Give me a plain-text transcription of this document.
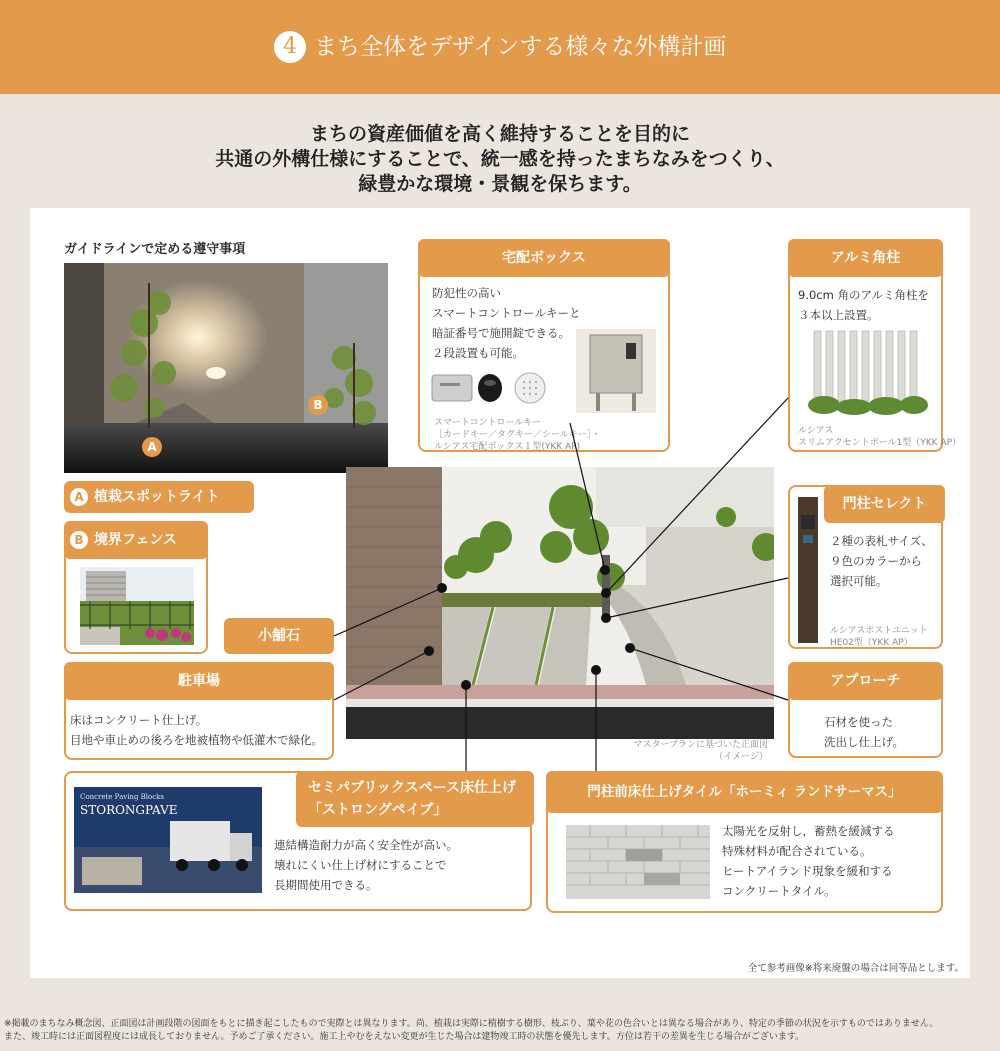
4 まち全体をデザインする様々な外構計画
まちの資産価値を高く維持することを目的に
共通の外構仕様にすることで、統一感を持ったまちなみをつくり、
緑豊かな環境・景観を保ちます。
ガイドラインで定める遵守事項
A
B
A 植栽スポットライト
B 境界フェンス
宅配ボックス
防犯性の高い
スマートコントロールキーと
暗証番号で施開錠できる。
２段設置も可能。
スマートコントロールキー
［カードキー／タグキー／シールキー］・
ルシアス宅配ボックス１型(YKK AP)
アルミ角柱
9.0cm 角のアルミ角柱を
３本以上設置。
ルシアス
スリムアクセントポール1型（YKK AP）
マスタープランに基づいた正面図
（イメージ）
門柱セレクト
２種の表札サイズ、
９色のカラーから
選択可能。
ルシアスポストユニット
HE02型（YKK AP）
小舗石
駐車場
床はコンクリート仕上げ。
目地や車止めの後ろを地被植物や低灌木で緑化。
アプローチ
石材を使った
洗出し仕上げ。
セミパブリックスペース床仕上げ
「ストロングペイブ」
Concrete Paving Blocks
STORONGPAVE
連結構造耐力が高く安全性が高い。
壊れにくい仕上げ材にすることで
長期間使用できる。
門柱前床仕上げタイル「ホーミィ ランドサーマス」
太陽光を反射し，蓄熱を緩減する
特殊材料が配合されている。
ヒートアイランド現象を緩和する
コンクリートタイル。
全て参考画像※将来廃盤の場合は同等品とします。
※掲載のまちなみ概念図、正面図は計画段階の図面をもとに描き起こしたもので実際とは異なります。尚、植栽は実際に植樹する樹形、枝ぶり、葉や花の色合いとは異なる場合があり、特定の季節の状況を示すものではありません。
また、竣工時には正面図程度には成長しておりません。予めご了承ください。施工上やむをえない変更が生じた場合は建物竣工時の状態を優先します。方位は若干の差異を生じる場合がございます。
